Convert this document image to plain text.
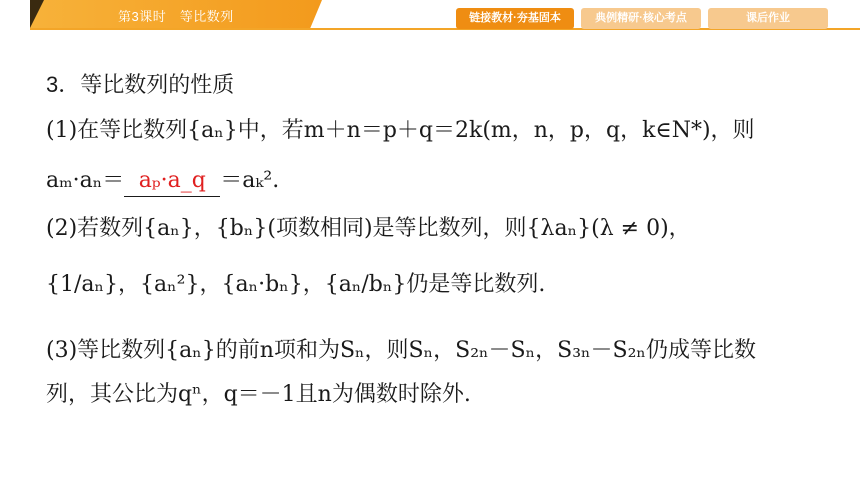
第3课时　等比数列	链接教材·夯基固本	典例精研·核心考点	课后作业
3．等比数列的性质
(1)在等比数列{aₙ}中，若m＋n＝p＋q＝2k(m，n，p，q，k∈N*)，则
aₘ·aₙ＝ aₚ·a_q ＝aₖ².
(2)若数列{aₙ}，{bₙ}(项数相同)是等比数列，则{λaₙ}(λ ≠ 0)，
{1/aₙ}，{aₙ²}，{aₙ·bₙ}，{aₙ/bₙ}仍是等比数列.
(3)等比数列{aₙ}的前n项和为Sₙ，则Sₙ，S₂ₙ－Sₙ，S₃ₙ－S₂ₙ仍成等比数
列，其公比为qⁿ，q＝－1且n为偶数时除外.
